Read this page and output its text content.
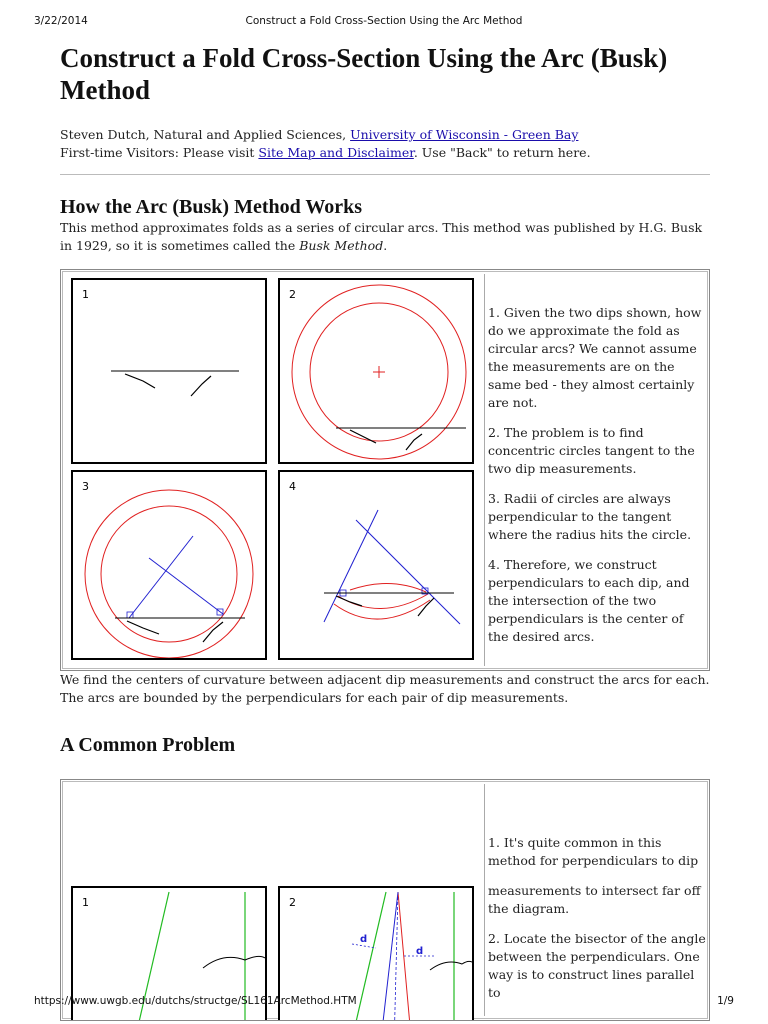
3/22/2014	Construct a Fold Cross-Section Using the Arc Method
Construct a Fold Cross-Section Using the Arc (Busk) Method
Steven Dutch, Natural and Applied Sciences, University of Wisconsin - Green Bay
First-time Visitors: Please visit Site Map and Disclaimer. Use "Back" to return here.
How the Arc (Busk) Method Works

This method approximates folds as a series of circular arcs. This method was published by H.G. Busk in 1929, so it is sometimes called the Busk Method.

1	2
3	4

1. Given the two dips shown, how do we approximate the fold as circular arcs? We cannot assume the measurements are on the same bed - they almost certainly are not.

2. The problem is to find concentric circles tangent to the two dip measurements.

3. Radii of circles are always perpendicular to the tangent where the radius hits the circle.

4. Therefore, we construct perpendiculars to each dip, and the intersection of the two perpendiculars is the center of the desired arcs.

We find the centers of curvature between adjacent dip measurements and construct the arcs for each. The arcs are bounded by the perpendiculars for each pair of dip measurements.

A Common Problem
1
d
d
2

1. It's quite common in this method for perpendiculars to dip

measurements to intersect far off the diagram.

2. Locate the bisector of the angle between the perpendiculars. One way is to construct lines parallel to

https://www.uwgb.edu/dutchs/structge/SL161ArcMethod.HTM	1/9
